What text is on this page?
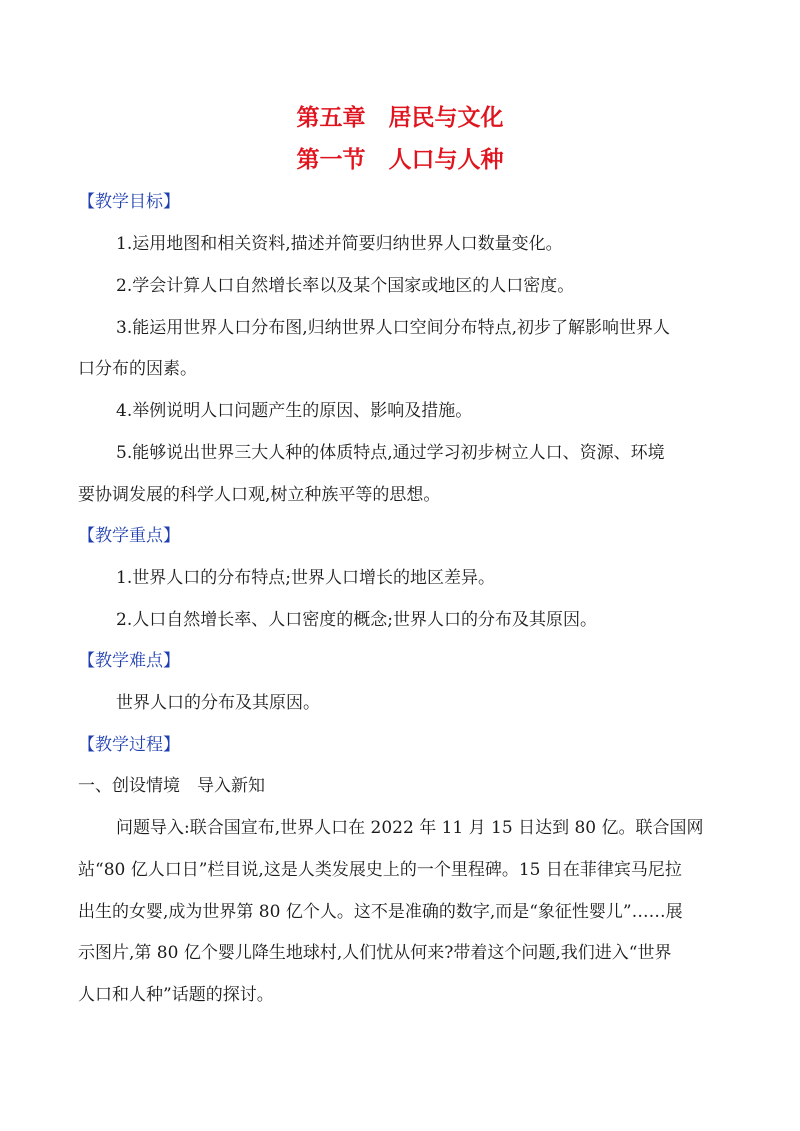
第五章　居民与文化
第一节　人口与人种
【教学目标】
1.运用地图和相关资料,描述并简要归纳世界人口数量变化。
2.学会计算人口自然增长率以及某个国家或地区的人口密度。
3.能运用世界人口分布图,归纳世界人口空间分布特点,初步了解影响世界人
口分布的因素。
4.举例说明人口问题产生的原因、影响及措施。
5.能够说出世界三大人种的体质特点,通过学习初步树立人口、资源、环境
要协调发展的科学人口观,树立种族平等的思想。
【教学重点】
1.世界人口的分布特点;世界人口增长的地区差异。
2.人口自然增长率、人口密度的概念;世界人口的分布及其原因。
【教学难点】
世界人口的分布及其原因。
【教学过程】
一、创设情境　导入新知
问题导入:联合国宣布,世界人口在 2022 年 11 月 15 日达到 80 亿。联合国网
站“80 亿人口日”栏目说,这是人类发展史上的一个里程碑。15 日在菲律宾马尼拉
出生的女婴,成为世界第 80 亿个人。这不是准确的数字,而是“象征性婴儿”……展
示图片,第 80 亿个婴儿降生地球村,人们忧从何来?带着这个问题,我们进入“世界
人口和人种”话题的探讨。
